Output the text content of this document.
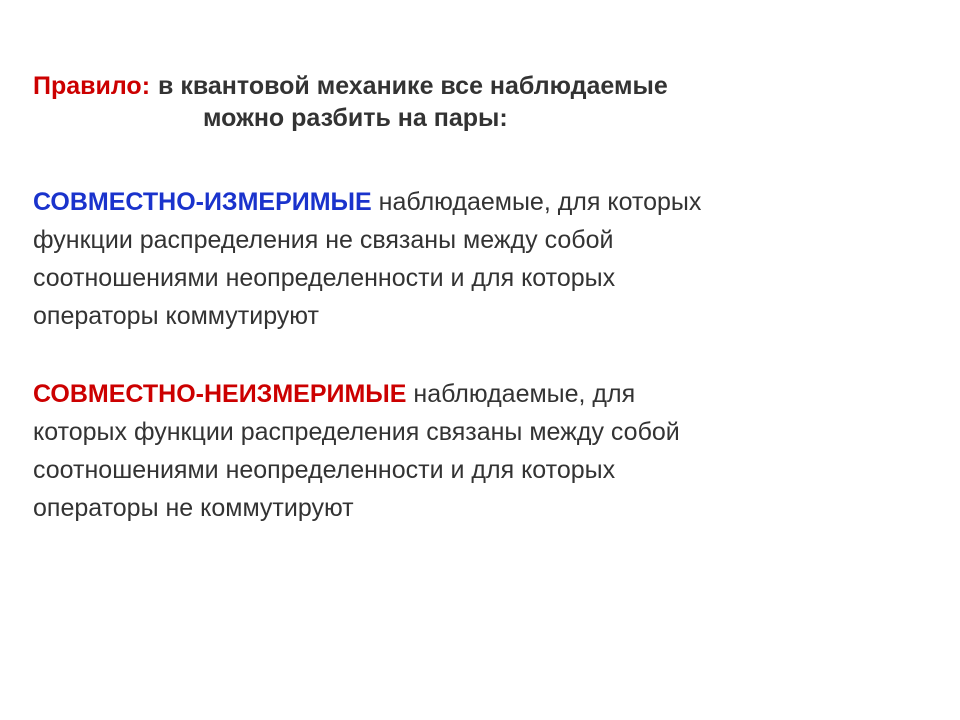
Правило: в квантовой механике все наблюдаемые
можно разбить на пары:
СОВМЕСТНО-ИЗМЕРИМЫЕ наблюдаемые, для которых
функции распределения не связаны между собой
соотношениями неопределенности и для которых
операторы коммутируют
СОВМЕСТНО-НЕИЗМЕРИМЫЕ наблюдаемые, для
которых функции распределения связаны между собой
соотношениями неопределенности и для которых
операторы не коммутируют
